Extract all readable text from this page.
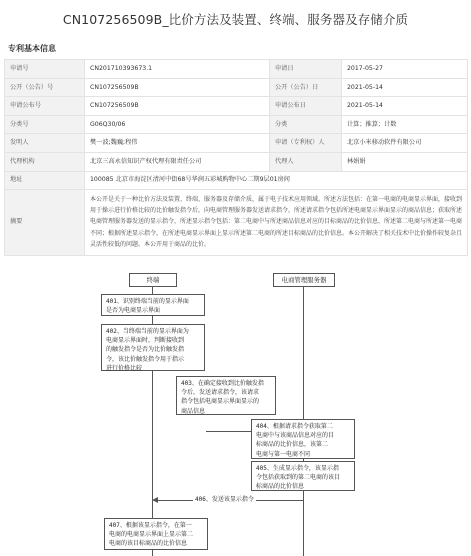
CN107256509B_比价方法及装置、终端、服务器及存储介质
专利基本信息
申请号	CN201710393673.1	申请日	2017-05-27
公开（公告）号	CN107256509B	公开（公告）日	2021-05-14
申请公布号	CN107256509B	申请公布日	2021-05-14
分类号	G06Q30/06	分类	计算；推算；计数
发明人	樊一波;魏巍;程伟	申请（专利权）人	北京小米移动软件有限公司
代理机构	北京三高永信知识产权代理有限责任公司	代理人	林娟娟
地址	100085 北京市海淀区清河中街68号华润五彩城购物中心二期9层01房间		
摘要	本公开是关于一种比价方法及装置、终端、服务器及存储介质，属于电子技术应用领域。所述方法包括：在第一电商的电商显示界面，接收到用于操示进行价格比较的比价触发指令后，向电商管理服务器发送请求指令，所述请求指令包括所述电商显示界面显示的商品信息；获取所述电商管理服务器发送的显示指令，所述显示指令包括：第二电商中与所述商品信息对应的目标商品的比价信息，所述第二电商与所述第一电商不同；根据所述显示指令，在所述电商显示界面上显示所述第二电商的所述目标商品的比价信息。本公开解决了相关技术中比价操作较复杂且灵活性较低的问题。本公开用于商品的比价。		
终端	电商管理服务器
401、识别终端当前的显示界面
是否为电商显示界面
402、当终端当前的显示界面为
电商显示界面时，判断接收到
的触发指令是否为比价触发指
令，该比价触发指令用于指示
进行价格比较
403、在确定接收到比价触发指
令后，发送请求指令，该请求
指令包括电商显示界面显示的
商品信息
404、根据请求指令获取第二
电商中与该商品信息对应的目
标商品的比价信息，该第二
电商与第一电商不同
405、生成显示指令，该显示指
令包括获取到的第二电商的该目
标商品的比价信息
406、发送该显示指令
407、根据该显示指令，在第一
电商的电商显示界面上显示第二
电商的该目标商品的比价信息
